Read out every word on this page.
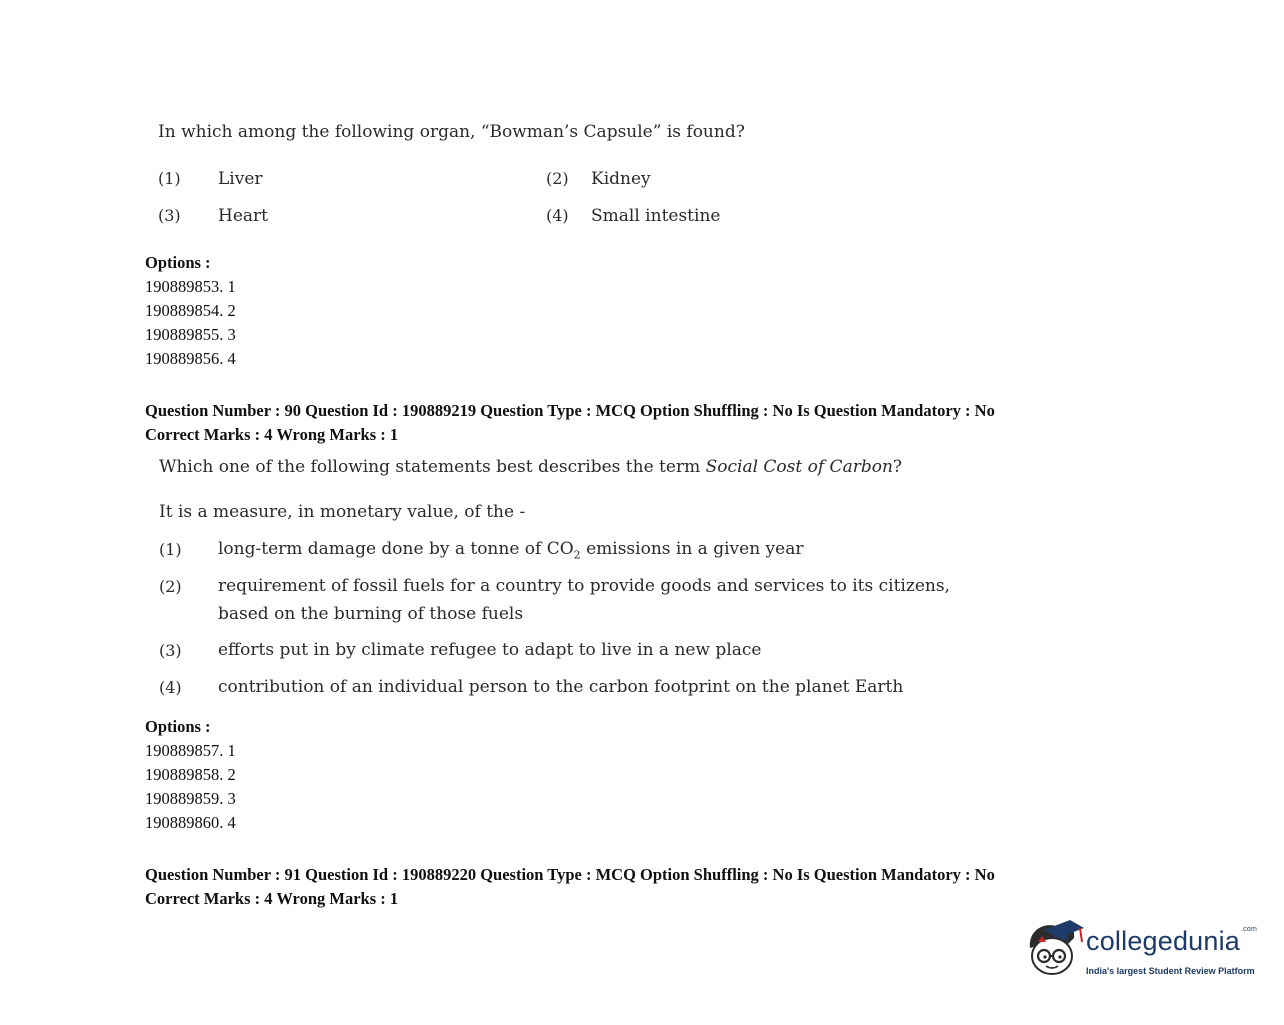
In which among the following organ, “Bowman’s Capsule” is found?
(1) Liver	(2) Kidney
(3) Heart	(4) Small intestine
Options :
190889853. 1
190889854. 2
190889855. 3
190889856. 4
Question Number : 90 Question Id : 190889219 Question Type : MCQ Option Shuffling : No Is Question Mandatory : No
Correct Marks : 4 Wrong Marks : 1
Which one of the following statements best describes the term Social Cost of Carbon?
It is a measure, in monetary value, of the -
(1) long-term damage done by a tonne of $CO_2$ emissions in a given year
(2) requirement of fossil fuels for a country to provide goods and services to its citizens,
based on the burning of those fuels
(3) efforts put in by climate refugee to adapt to live in a new place
(4) contribution of an individual person to the carbon footprint on the planet Earth
Options :
190889857. 1
190889858. 2
190889859. 3
190889860. 4
Question Number : 91 Question Id : 190889220 Question Type : MCQ Option Shuffling : No Is Question Mandatory : No
Correct Marks : 4 Wrong Marks : 1
collegedunia$^{.com}$
India's largest Student Review Platform
